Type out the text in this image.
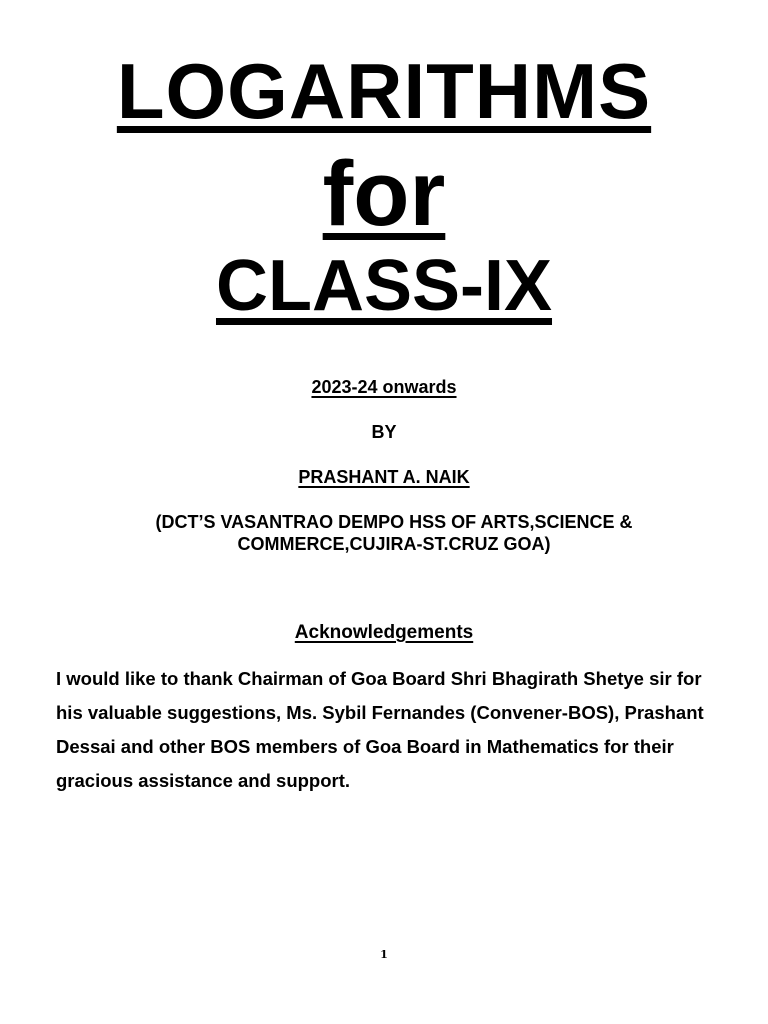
LOGARITHMS
for
CLASS-IX

2023-24 onwards

BY

PRASHANT A. NAIK

(DCT’S VASANTRAO DEMPO HSS OF ARTS,SCIENCE & COMMERCE,CUJIRA-ST.CRUZ GOA)

Acknowledgements

I would like to thank Chairman of Goa Board Shri Bhagirath Shetye sir for his valuable suggestions, Ms. Sybil Fernandes (Convener-BOS), Prashant Dessai and other BOS members of Goa Board in Mathematics for their gracious assistance and support.

1
